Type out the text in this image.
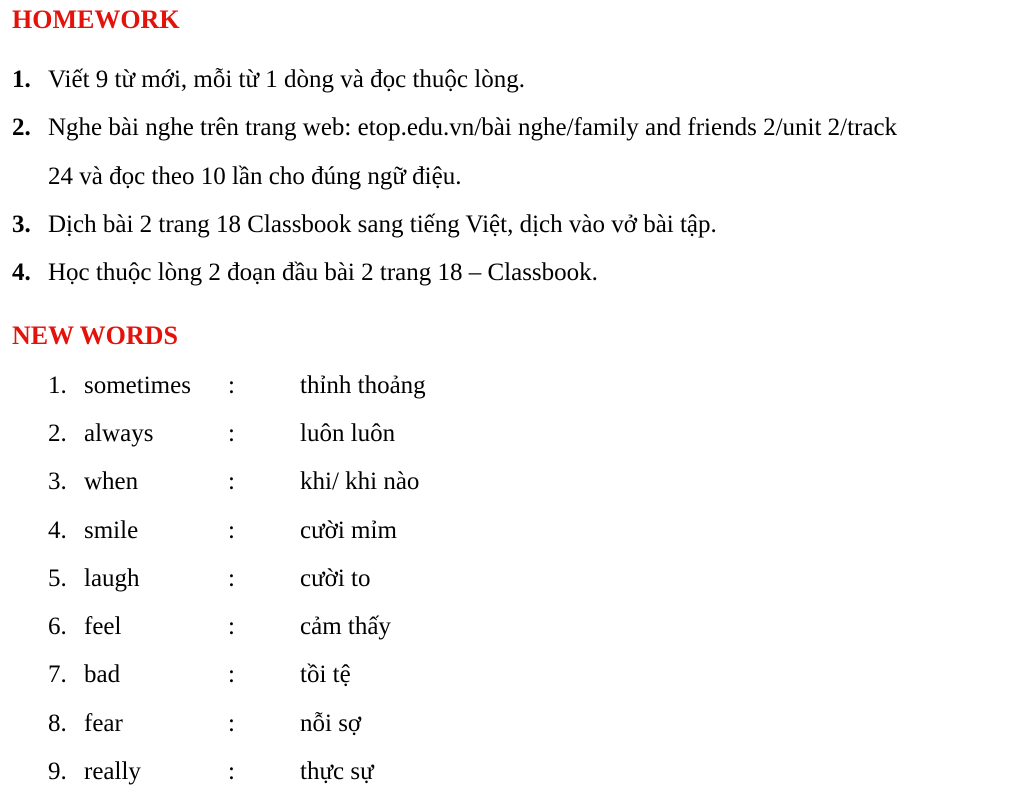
HOMEWORK
1. Viết 9 từ mới, mỗi từ 1 dòng và đọc thuộc lòng.
2. Nghe bài nghe trên trang web: etop.edu.vn/bài nghe/family and friends 2/unit 2/track
24 và đọc theo 10 lần cho đúng ngữ điệu.
3. Dịch bài 2 trang 18 Classbook sang tiếng Việt, dịch vào vở bài tập.
4. Học thuộc lòng 2 đoạn đầu bài 2 trang 18 – Classbook.
NEW WORDS
1. sometimes :	thỉnh thoảng
2. always	:	luôn luôn
3. when	:	khi/ khi nào
4. smile	:	cười mỉm
5. laugh	:	cười to
6. feel	:	cảm thấy
7. bad	:	tồi tệ
8. fear	:	nỗi sợ
9. really	:	thực sự
